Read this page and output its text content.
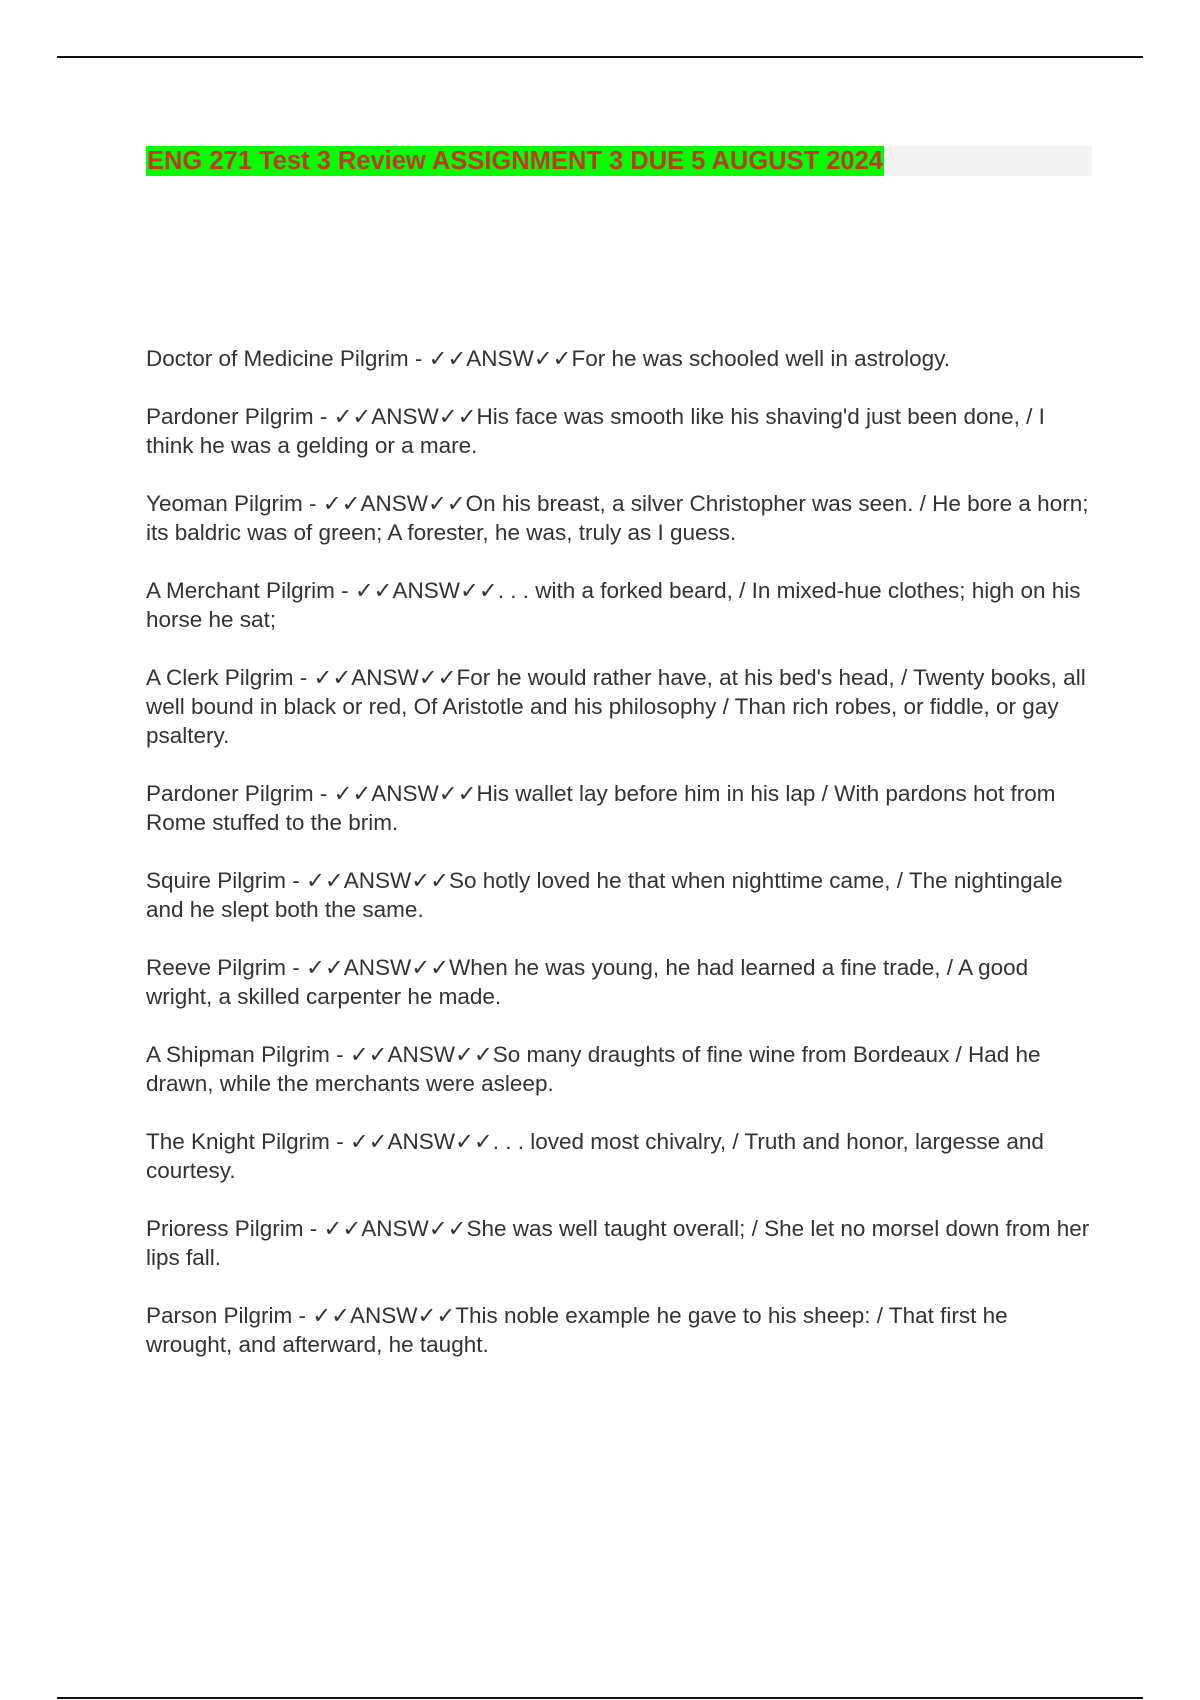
ENG 271 Test 3 Review ASSIGNMENT 3 DUE 5 AUGUST 2024
Doctor of Medicine Pilgrim - ✓✓ANSW✓✓For he was schooled well in astrology.
Pardoner Pilgrim - ✓✓ANSW✓✓His face was smooth like his shaving'd just been done, / I think he was a gelding or a mare.
Yeoman Pilgrim - ✓✓ANSW✓✓On his breast, a silver Christopher was seen. / He bore a horn; its baldric was of green; A forester, he was, truly as I guess.
A Merchant Pilgrim - ✓✓ANSW✓✓. . . with a forked beard, / In mixed-hue clothes; high on his horse he sat;
A Clerk Pilgrim - ✓✓ANSW✓✓For he would rather have, at his bed's head, / Twenty books, all well bound in black or red, Of Aristotle and his philosophy / Than rich robes, or fiddle, or gay psaltery.
Pardoner Pilgrim - ✓✓ANSW✓✓His wallet lay before him in his lap / With pardons hot from Rome stuffed to the brim.
Squire Pilgrim - ✓✓ANSW✓✓So hotly loved he that when nighttime came, / The nightingale and he slept both the same.
Reeve Pilgrim - ✓✓ANSW✓✓When he was young, he had learned a fine trade, / A good wright, a skilled carpenter he made.
A Shipman Pilgrim - ✓✓ANSW✓✓So many draughts of fine wine from Bordeaux / Had he drawn, while the merchants were asleep.
The Knight Pilgrim - ✓✓ANSW✓✓. . . loved most chivalry, / Truth and honor, largesse and courtesy.
Prioress Pilgrim - ✓✓ANSW✓✓She was well taught overall; / She let no morsel down from her lips fall.
Parson Pilgrim - ✓✓ANSW✓✓This noble example he gave to his sheep: / That first he wrought, and afterward, he taught.
